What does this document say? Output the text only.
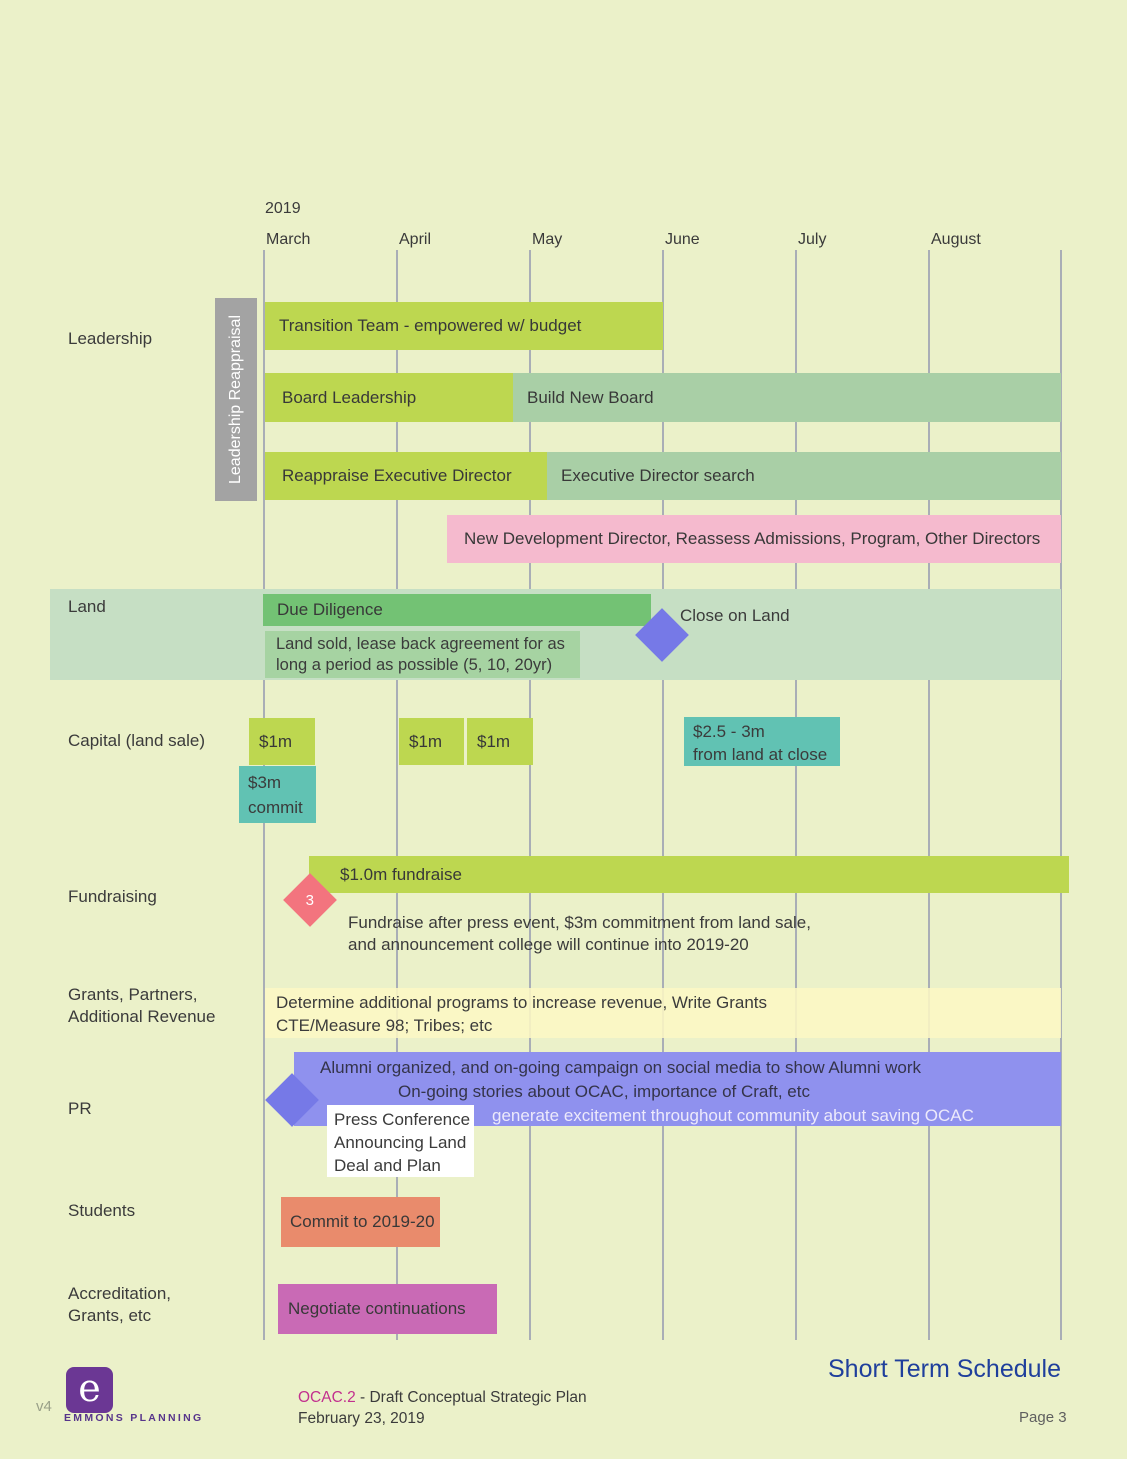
2019
March	April	May	June	July	August
Leadership
Land
Capital (land sale)
Fundraising
Grants, Partners,
Additional Revenue
PR
Students
Accreditation,
Grants, etc
Leadership Reappraisal	Transition Team - empowered w/ budget
Board Leadership	Build New Board
Reappraise Executive Director	Executive Director search
New Development Director, Reassess Admissions, Program, Other Directors
Due Diligence
Land sold, lease back agreement for as
long a period as possible (5, 10, 20yr)
Close on Land
$1m	$1m	$1m
$3m
commit
$2.5 - 3m
from land at close
$1.0m fundraise
3
Fundraise after press event, $3m commitment from land sale,
and announcement college will continue into 2019-20
Determine additional programs to increase revenue, Write Grants
CTE/Measure 98; Tribes; etc
Alumni organized, and on-going campaign on social media to show Alumni work
On-going stories about OCAC, importance of Craft, etc
generate excitement throughout community about saving OCAC
Press Conference
Announcing Land
Deal and Plan
Commit to 2019-20
Negotiate continuations
Short Term Schedule
v4 e
EMMONS PLANNING
OCAC.2 - Draft Conceptual Strategic Plan
February 23, 2019	Page 3
